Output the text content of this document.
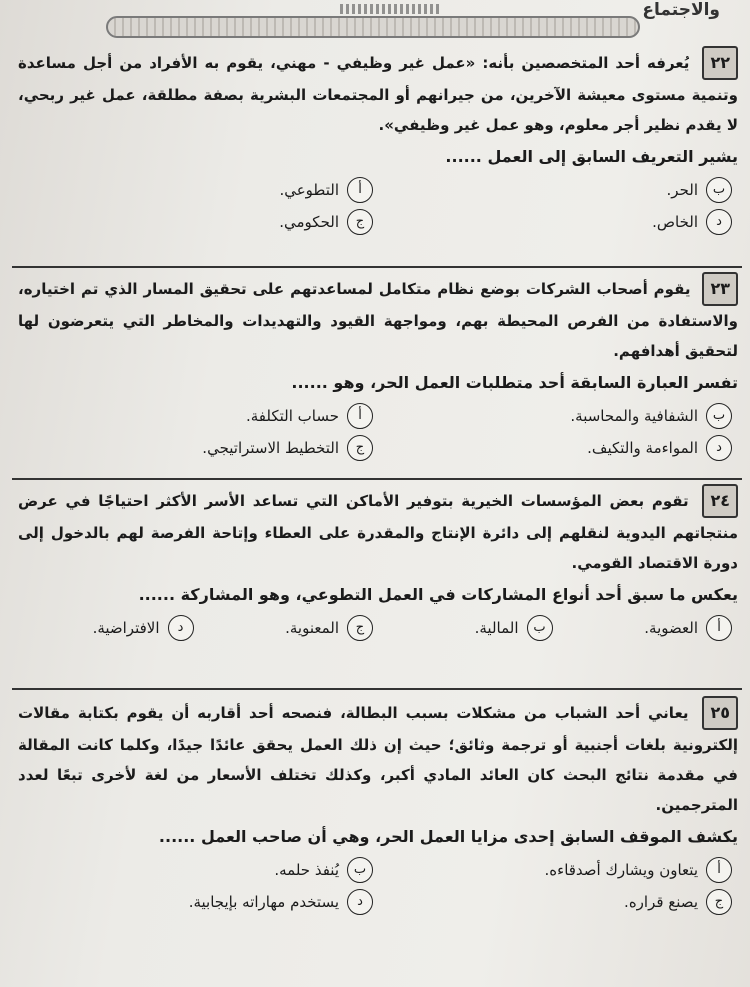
والاجتماع

٢٢ يُعرفه أحد المتخصصين بأنه: «عمل غير وظيفي - مهني، يقوم به الأفراد من أجل مساعدة وتنمية مستوى معيشة الآخرين، من جيرانهم أو المجتمعات البشرية بصفة مطلقة، عمل غير ربحي، لا يقدم نظير أجر معلوم، وهو عمل غير وظيفي».

يشير التعريف السابق إلى العمل ......

ب
الحر.
أ
التطوعي.
د
الخاص.
ج
الحكومي.

٢٣ يقوم أصحاب الشركات بوضع نظام متكامل لمساعدتهم على تحقيق المسار الذي تم اختياره، والاستفادة من الفرص المحيطة بهم، ومواجهة القيود والتهديدات والمخاطر التي يتعرضون لها لتحقيق أهدافهم.

تفسر العبارة السابقة أحد متطلبات العمل الحر، وهو ......

ب
الشفافية والمحاسبة.
أ
حساب التكلفة.
د
المواءمة والتكيف.
ج
التخطيط الاستراتيجي.

٢٤ تقوم بعض المؤسسات الخيرية بتوفير الأماكن التي تساعد الأسر الأكثر احتياجًا في عرض منتجاتهم اليدوية لنقلهم إلى دائرة الإنتاج والمقدرة على العطاء وإتاحة الفرصة لهم بالدخول إلى دورة الاقتصاد القومي.

يعكس ما سبق أحد أنواع المشاركات في العمل التطوعي، وهو المشاركة ......

أ
العضوية.
ب
المالية.
ج
المعنوية.
د
الافتراضية.

٢٥ يعاني أحد الشباب من مشكلات بسبب البطالة، فنصحه أحد أقاربه أن يقوم بكتابة مقالات إلكترونية بلغات أجنبية أو ترجمة وثائق؛ حيث إن ذلك العمل يحقق عائدًا جيدًا، وكلما كانت المقالة في مقدمة نتائج البحث كان العائد المادي أكبر، وكذلك تختلف الأسعار من لغة لأخرى تبعًا لعدد المترجمين.

يكشف الموقف السابق إحدى مزايا العمل الحر، وهي أن صاحب العمل ......

أ
يتعاون ويشارك أصدقاءه.
ب
يُنفذ حلمه.
ج
يصنع قراره.
د
يستخدم مهاراته بإيجابية.
